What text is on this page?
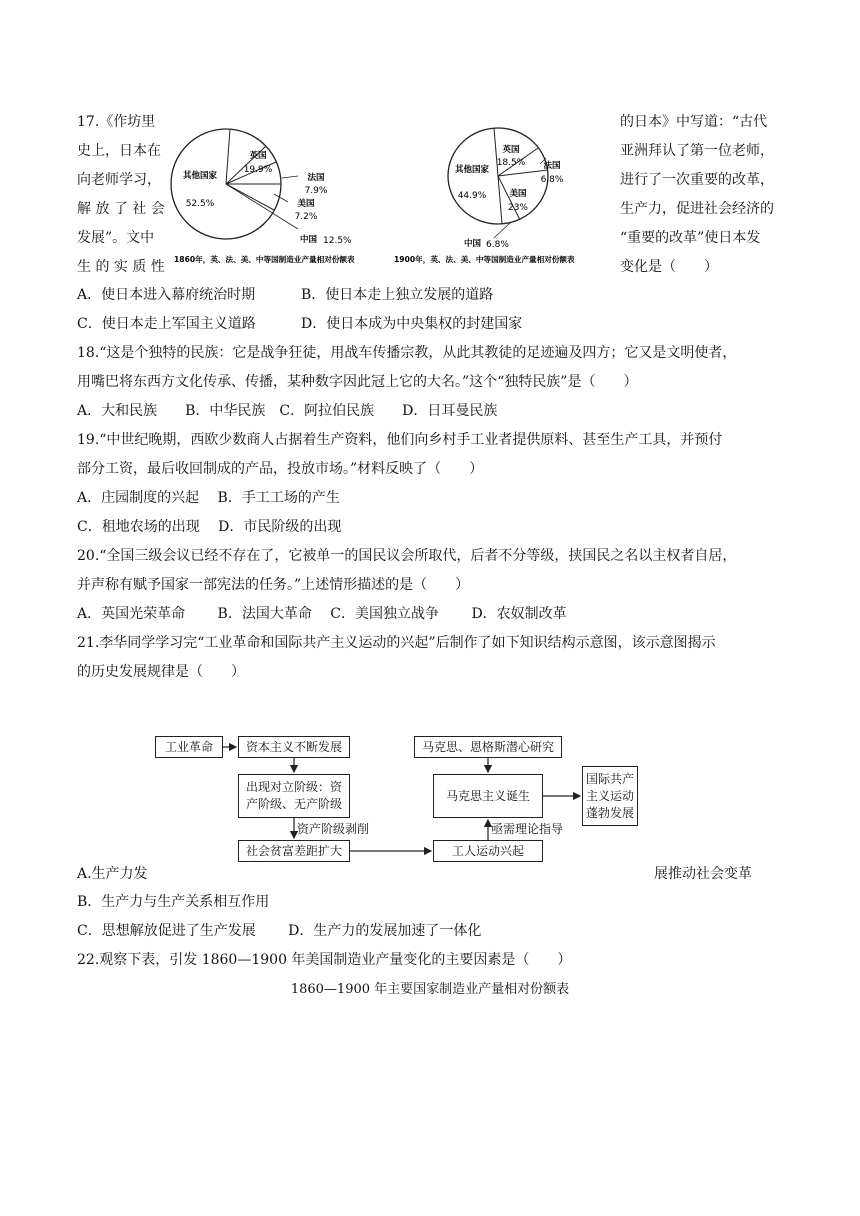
17.《作坊里
史上，日本在
向老师学习，
解 放 了 社 会
发展”。文中
生 的 实 质 性
的日本》中写道：“古代
亚洲拜认了第一位老师，
进行了一次重要的改革，
生产力，促进社会经济的
“重要的改革”使日本发
变化是（　　）
其他国家
52.5%
英国
19.9%
法国
7.9%
美国
7.2%
中国 12.5%
1860年，英、法、美、中等国制造业产量相对份额表
其他国家
44.9%
英国
18.5% 法国
6.8%
美国
23%
中国 6.8%
1900年，英、法、美、中等国制造业产量相对份额表
A．使日本进入幕府统治时期	B．使日本走上独立发展的道路
C．使日本走上军国主义道路	D．使日本成为中央集权的封建国家
18.“这是个独特的民族：它是战争狂徒，用战车传播宗教，从此其教徒的足迹遍及四方；它又是文明使者，
用嘴巴将东西方文化传承、传播，某种数字因此冠上它的大名。”这个“独特民族”是（　　）
A．大和民族　　B．中华民族　C．阿拉伯民族　　D．日耳曼民族
19.“中世纪晚期，西欧少数商人占据着生产资料，他们向乡村手工业者提供原料、甚至生产工具，并预付
部分工资，最后收回制成的产品，投放市场。”材料反映了（　　）
A．庄园制度的兴起　 B．手工工场的产生
C．租地农场的出现　 D．市民阶级的出现
20.“全国三级会议已经不存在了，它被单一的国民议会所取代，后者不分等级，挟国民之名以主权者自居，
并声称有赋予国家一部宪法的任务。”上述情形描述的是（　　）
A．英国光荣革命　　 B．法国大革命　 C．美国独立战争　　 D．农奴制改革
21.李华同学学习完“工业革命和国际共产主义运动的兴起”后制作了如下知识结构示意图，该示意图揭示
的历史发展规律是（　　）
工业革命	资本主义不断发展
出现对立阶级：资产阶级、无产阶级
社会贫富差距扩大
马克思、恩格斯潜心研究
马克思主义诞生
工人运动兴起
国际共产主义运动蓬勃发展
资产阶级剥削	亟需理论指导
A.生产力发	展推动社会变革
B．生产力与生产关系相互作用
C．思想解放促进了生产发展　　 D．生产力的发展加速了一体化
22.观察下表，引发 1860—1900 年美国制造业产量变化的主要因素是（　　）
1860—1900 年主要国家制造业产量相对份额表
